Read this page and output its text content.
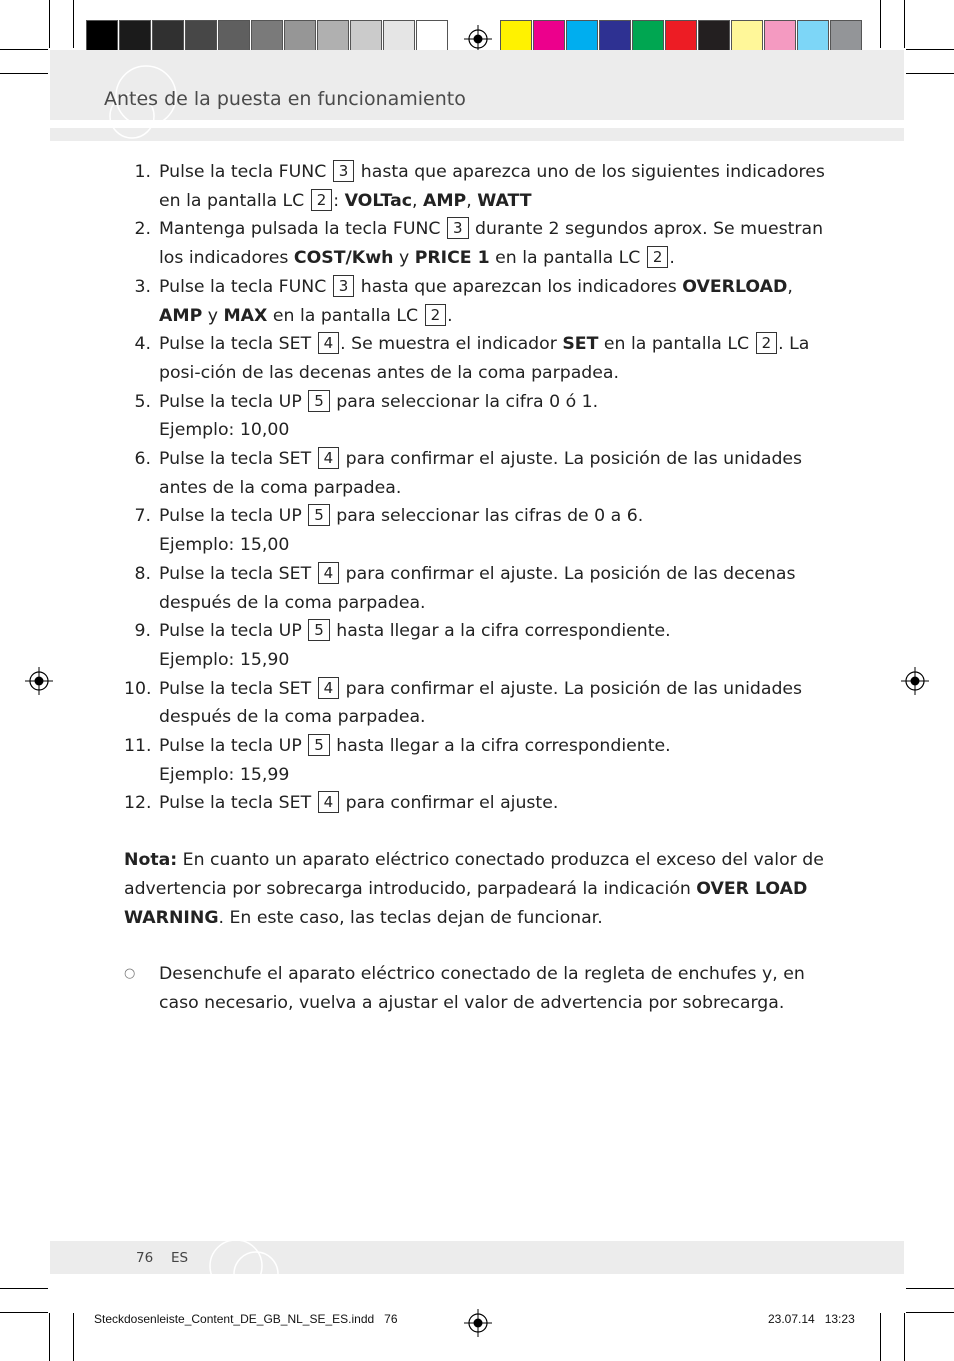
Antes de la puesta en funcionamiento
1. Pulse la tecla FUNC 3 hasta que aparezca uno de los siguientes indicadores en la pantalla LC 2 : VOLTac, AMP, WATT
2. Mantenga pulsada la tecla FUNC 3 durante 2 segundos aprox. Se muestran los indicadores COST/Kwh y PRICE 1 en la pantalla LC 2 .
3. Pulse la tecla FUNC 3 hasta que aparezcan los indicadores OVERLOAD, AMP y MAX en la pantalla LC 2 .
4. Pulse la tecla SET 4 . Se muestra el indicador SET en la pantalla LC 2 . La posi-ción de las decenas antes de la coma parpadea.
5. Pulse la tecla UP 5 para seleccionar la cifra 0 ó 1.
Ejemplo: 10,00
6. Pulse la tecla SET 4 para confirmar el ajuste. La posición de las unidades antes de la coma parpadea.
7. Pulse la tecla UP 5 para seleccionar las cifras de 0 a 6.
Ejemplo: 15,00
8. Pulse la tecla SET 4 para confirmar el ajuste. La posición de las decenas después de la coma parpadea.
9. Pulse la tecla UP 5 hasta llegar a la cifra correspondiente.
Ejemplo: 15,90
10. Pulse la tecla SET 4 para confirmar el ajuste. La posición de las unidades después de la coma parpadea.
11. Pulse la tecla UP 5 hasta llegar a la cifra correspondiente.
Ejemplo: 15,99
12. Pulse la tecla SET 4 para confirmar el ajuste.
Nota: En cuanto un aparato eléctrico conectado produzca el exceso del valor de advertencia por sobrecarga introducido, parpadeará la indicación OVER LOAD WARNING. En este caso, las teclas dejan de funcionar.
○ Desenchufe el aparato eléctrico conectado de la regleta de enchufes y, en caso necesario, vuelva a ajustar el valor de advertencia por sobrecarga.
76 ES
Steckdosenleiste_Content_DE_GB_NL_SE_ES.indd   76	23.07.14   13:23
